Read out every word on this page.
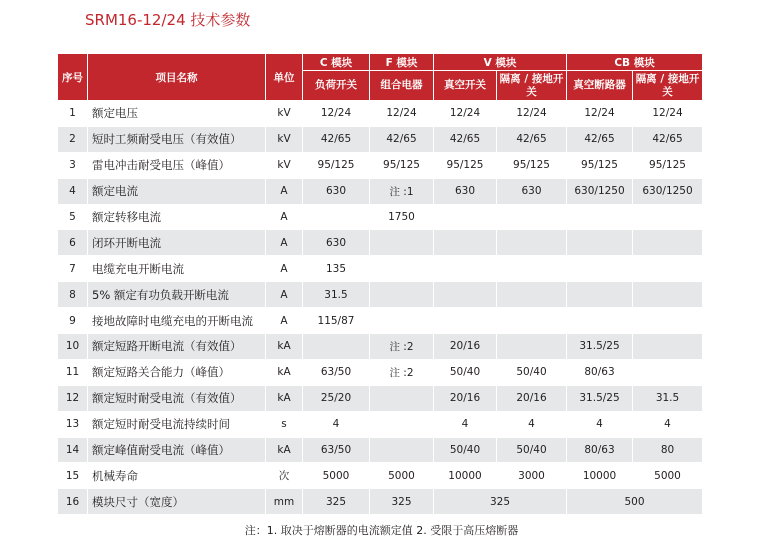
SRM16-12/24 技术参数
序号	项目名称	单位	C 模块	F 模块	V 模块		CB 模块	
			负荷开关	组合电器	真空开关	隔离 / 接地开关	真空断路器	隔离 / 接地开关
1	额定电压	kV	12/24	12/24	12/24	12/24	12/24	12/24
2	短时工频耐受电压（有效值）	kV	42/65	42/65	42/65	42/65	42/65	42/65
3	雷电冲击耐受电压（峰值）	kV	95/125	95/125	95/125	95/125	95/125	95/125
4	额定电流	A	630	注 :1	630	630	630/1250	630/1250
5	额定转移电流	A		1750				
6	闭环开断电流	A	630					
7	电缆充电开断电流	A	135					
8	5% 额定有功负载开断电流	A	31.5					
9	接地故障时电缆充电的开断电流	A	115/87					
10	额定短路开断电流（有效值）	kA		注 :2	20/16		31.5/25	
11	额定短路关合能力（峰值）	kA	63/50	注 :2	50/40	50/40	80/63	
12	额定短时耐受电流（有效值）	kA	25/20		20/16	20/16	31.5/25	31.5
13	额定短时耐受电流持续时间	s	4		4	4	4	4
14	额定峰值耐受电流（峰值）	kA	63/50		50/40	50/40	80/63	80
15	机械寿命	次	5000	5000	10000	3000	10000	5000
16	模块尺寸（宽度）	mm	325	325	325		500	
注：1. 取决于熔断器的电流额定值 2. 受限于高压熔断器
